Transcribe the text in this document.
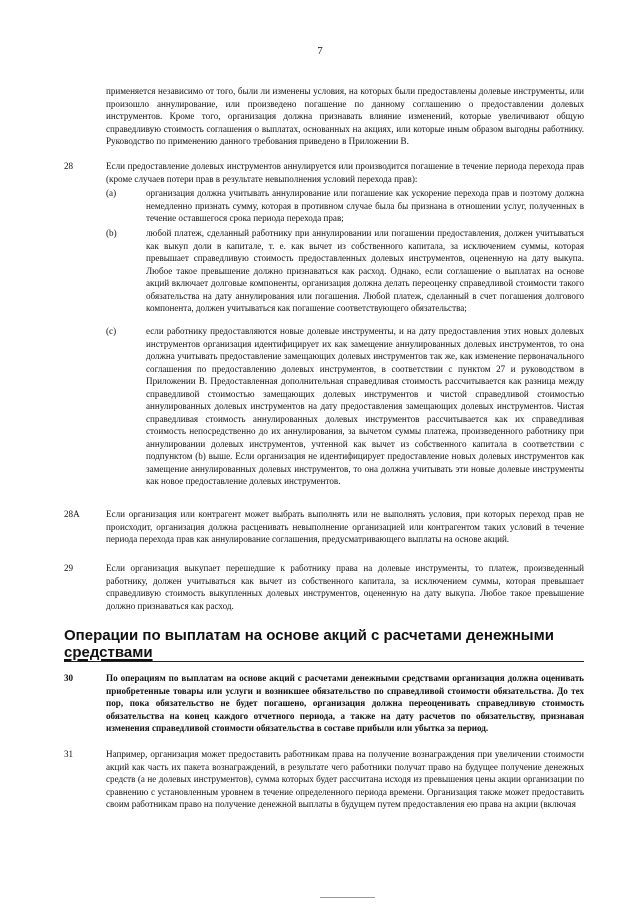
7
применяется независимо от того, были ли изменены условия, на которых были предоставлены долевые инструменты, или произошло аннулирование, или произведено погашение по данному соглашению о предоставлении долевых инструментов. Кроме того, организация должна признавать влияние изменений, которые увеличивают общую справедливую стоимость соглашения о выплатах, основанных на акциях, или которые иным образом выгодны работнику. Руководство по применению данного требования приведено в Приложении В.
28	Если предоставление долевых инструментов аннулируется или производится погашение в течение периода перехода прав (кроме случаев потери прав в результате невыполнения условий перехода прав):
(a)	организация должна учитывать аннулирование или погашение как ускорение перехода прав и поэтому должна немедленно признать сумму, которая в противном случае была бы признана в отношении услуг, полученных в течение оставшегося срока периода перехода прав;
(b)	любой платеж, сделанный работнику при аннулировании или погашении предоставления, должен учитываться как выкуп доли в капитале, т. е. как вычет из собственного капитала, за исключением суммы, которая превышает справедливую стоимость предоставленных долевых инструментов, оцененную на дату выкупа. Любое такое превышение должно признаваться как расход. Однако, если соглашение о выплатах на основе акций включает долговые компоненты, организация должна делать переоценку справедливой стоимости такого обязательства на дату аннулирования или погашения. Любой платеж, сделанный в счет погашения долгового компонента, должен учитываться как погашение соответствующего обязательства;
(c)	если работнику предоставляются новые долевые инструменты, и на дату предоставления этих новых долевых инструментов организация идентифицирует их как замещение аннулированных долевых инструментов, то она должна учитывать предоставление замещающих долевых инструментов так же, как изменение первоначального соглашения по предоставлению долевых инструментов, в соответствии с пунктом 27 и руководством в Приложении В. Предоставленная дополнительная справедливая стоимость рассчитывается как разница между справедливой стоимостью замещающих долевых инструментов и чистой справедливой стоимостью аннулированных долевых инструментов на дату предоставления замещающих долевых инструментов. Чистая справедливая стоимость аннулированных долевых инструментов рассчитывается как их справедливая стоимость непосредственно до их аннулирования, за вычетом суммы платежа, произведенного работнику при аннулировании долевых инструментов, учтенной как вычет из собственного капитала в соответствии с подпунктом (b) выше. Если организация не идентифицирует предоставление новых долевых инструментов как замещение аннулированных долевых инструментов, то она должна учитывать эти новые долевые инструменты как новое предоставление долевых инструментов.
28A	Если организация или контрагент может выбрать выполнять или не выполнять условия, при которых переход прав не происходит, организация должна расценивать невыполнение организацией или контрагентом таких условий в течение периода перехода прав как аннулирование соглашения, предусматривающего выплаты на основе акций.
29	Если организация выкупает перешедшие к работнику права на долевые инструменты, то платеж, произведенный работнику, должен учитываться как вычет из собственного капитала, за исключением суммы, которая превышает справедливую стоимость выкупленных долевых инструментов, оцененную на дату выкупа. Любое такое превышение должно признаваться как расход.
Операции по выплатам на основе акций с расчетами денежными
средствами
30	По операциям по выплатам на основе акций с расчетами денежными средствами организация должна оценивать приобретенные товары или услуги и возникшее обязательство по справедливой стоимости обязательства. До тех пор, пока обязательство не будет погашено, организация должна переоценивать справедливую стоимость обязательства на конец каждого отчетного периода, а также на дату расчетов по обязательству, признавая изменения справедливой стоимости обязательства в составе прибыли или убытка за период.
31	Например, организация может предоставить работникам права на получение вознаграждения при увеличении стоимости акций как часть их пакета вознаграждений, в результате чего работники получат право на будущее получение денежных средств (а не долевых инструментов), сумма которых будет рассчитана исходя из превышения цены акции организации по сравнению с установленным уровнем в течение определенного периода времени. Организация также может предоставить своим работникам право на получение денежной выплаты в будущем путем предоставления ею права на акции (включая
